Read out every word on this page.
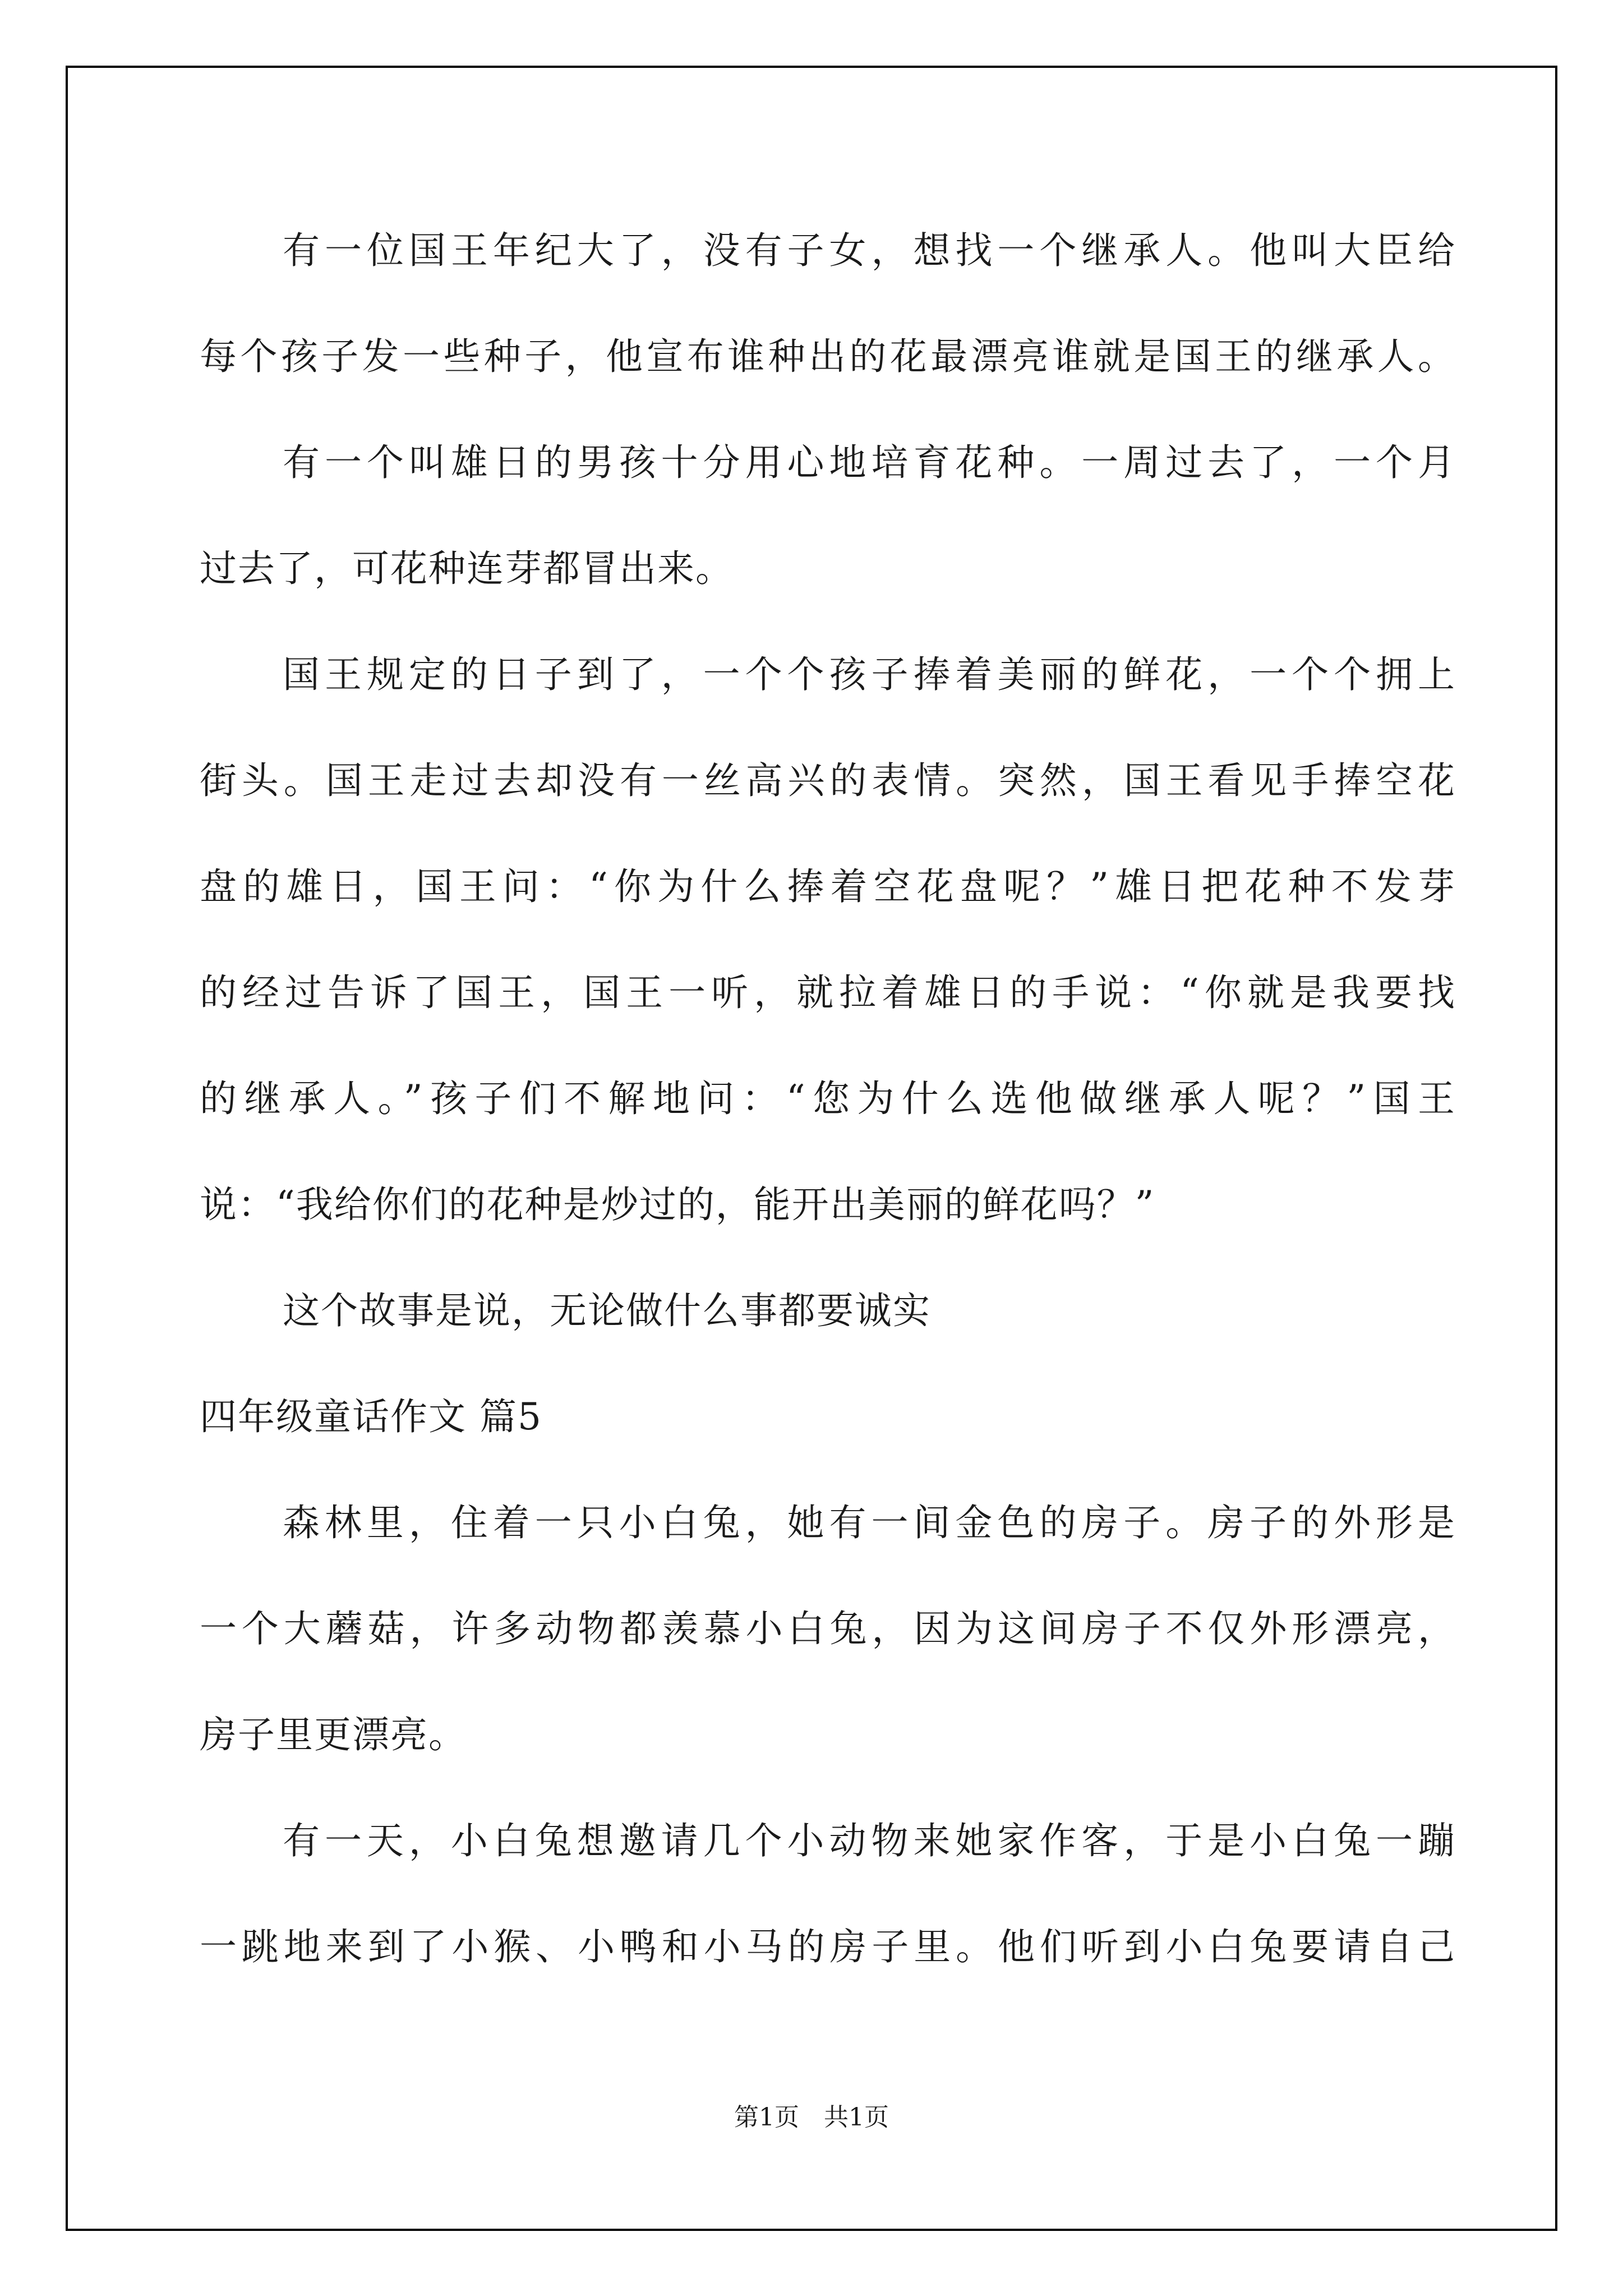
有一位国王年纪大了，没有子女，想找一个继承人。他叫大臣给
每个孩子发一些种子，他宣布谁种出的花最漂亮谁就是国王的继承人。
有一个叫雄日的男孩十分用心地培育花种。一周过去了，一个月
过去了，可花种连芽都冒出来。
国王规定的日子到了，一个个孩子捧着美丽的鲜花，一个个拥上
街头。国王走过去却没有一丝高兴的表情。突然，国王看见手捧空花
盘的雄日，国王问：“你为什么捧着空花盘呢？”雄日把花种不发芽
的经过告诉了国王，国王一听，就拉着雄日的手说：“你就是我要找
的继承人。”孩子们不解地问：“您为什么选他做继承人呢？”国王
说：“我给你们的花种是炒过的，能开出美丽的鲜花吗？”
这个故事是说，无论做什么事都要诚实
四年级童话作文 篇5
森林里，住着一只小白兔，她有一间金色的房子。房子的外形是
一个大蘑菇，许多动物都羡慕小白兔，因为这间房子不仅外形漂亮，
房子里更漂亮。
有一天，小白兔想邀请几个小动物来她家作客，于是小白兔一蹦
一跳地来到了小猴、小鸭和小马的房子里。他们听到小白兔要请自己
第1页　共1页
